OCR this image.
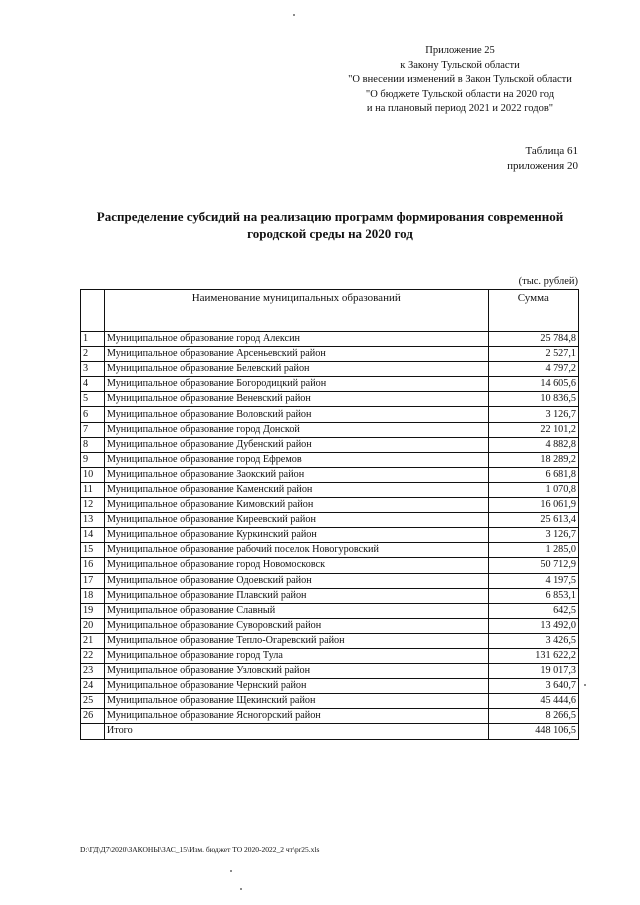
Приложение 25
к Закону Тульской области
"О внесении изменений в Закон Тульской области
"О бюджете Тульской области на 2020 год
и на плановый период 2021 и 2022 годов"
Таблица 61
приложения 20
Распределение субсидий на реализацию программ формирования современной
городской среды на 2020 год
(тыс. рублей)
	Наименование муниципальных образований	Сумма
1	Муниципальное образование город Алексин	25 784,8
2	Муниципальное образование Арсеньевский район	2 527,1
3	Муниципальное образование Белевский район	4 797,2
4	Муниципальное образование Богородицкий район	14 605,6
5	Муниципальное образование Веневский район	10 836,5
6	Муниципальное образование Воловский район	3 126,7
7	Муниципальное образование город Донской	22 101,2
8	Муниципальное образование Дубенский район	4 882,8
9	Муниципальное образование город Ефремов	18 289,2
10	Муниципальное образование Заокский район	6 681,8
11	Муниципальное образование Каменский район	1 070,8
12	Муниципальное образование Кимовский район	16 061,9
13	Муниципальное образование Киреевский район	25 613,4
14	Муниципальное образование Куркинский район	3 126,7
15	Муниципальное образование рабочий поселок Новогуровский	1 285,0
16	Муниципальное образование город Новомосковск	50 712,9
17	Муниципальное образование Одоевский район	4 197,5
18	Муниципальное образование Плавский район	6 853,1
19	Муниципальное образование Славный	642,5
20	Муниципальное образование Суворовский район	13 492,0
21	Муниципальное образование Тепло-Огаревский район	3 426,5
22	Муниципальное образование город Тула	131 622,2
23	Муниципальное образование Узловский район	19 017,3
24	Муниципальное образование Чернский район	3 640,7
25	Муниципальное образование Щекинский район	45 444,6
26	Муниципальное образование Ясногорский район	8 266,5
	Итого	448 106,5
D:\ГД\Д7\2020\ЗАКОНЫ\ЗАС_15\Изм. бюджет ТО 2020-2022_2 чт\pr25.xls
